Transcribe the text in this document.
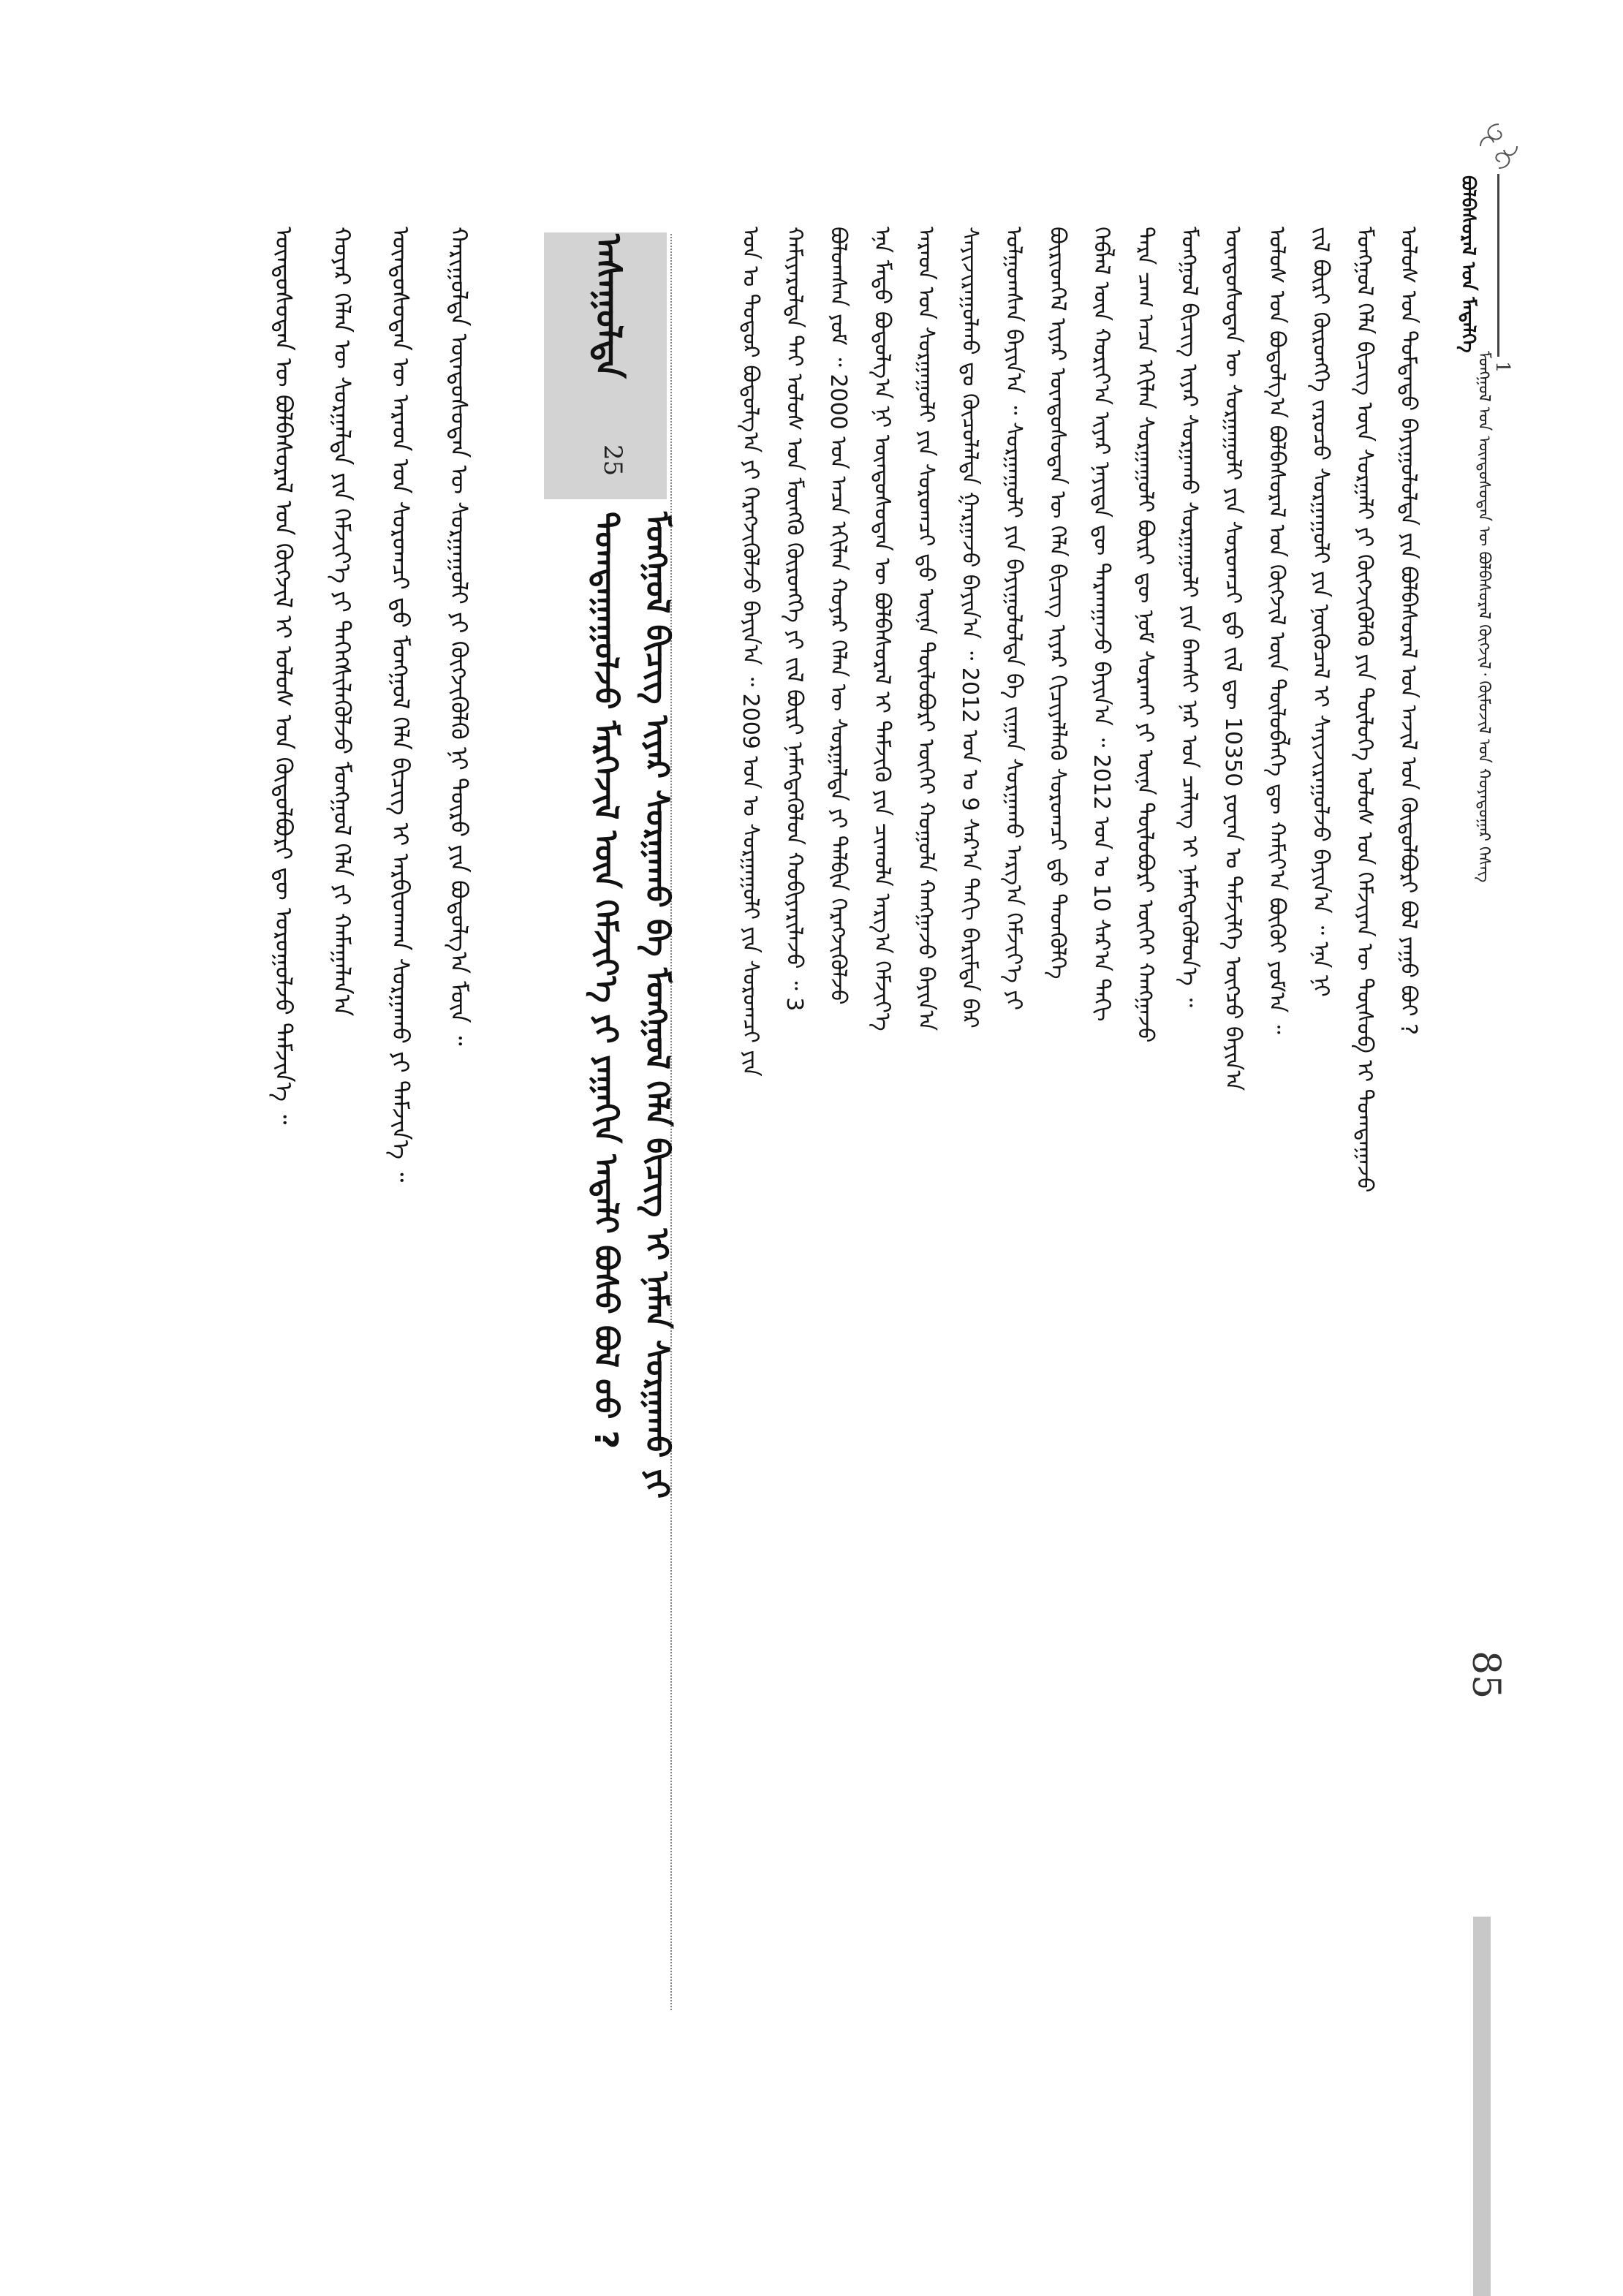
1
ᠮᠣᠩᠭᠣᠯ ᠤᠨ ᠦᠨᠳᠦᠰᠦᠲᠡᠨ ᠦ ᠪᠣᠯᠪᠠᠰᠤᠷᠠᠯ ᠬᠥᠭᠵᠢᠯ᠂ ᠬᠦᠮᠦᠵᠢᠯ ᠤᠨ ᠬᠣᠶᠠᠳᠤᠭᠠᠷ ᠬᠡᠰᠡᠭ
ᠪᠣᠯᠪᠠᠰᠤᠷᠠᠯ ᠤᠨ ᠮᠡᠳᠡᠯᠭᠡ
ᠤᠯᠤᠰ ᠤᠨ ᠳᠤᠮᠳᠠᠳᠤ ᠪᠠᠶᠢᠭᠤᠯᠤᠯᠲᠠ ᠶᠢᠨ ᠪᠣᠯᠪᠠᠰᠤᠷᠠᠯ ᠤᠨ ᠠᠵᠢᠯ ᠤᠨ ᠬᠥᠲᠦᠯᠪᠦᠷᠢ ᠪᠣᠯ ᠶᠠᠭᠤ ᠪᠣᠢ ?
ᠮᠣᠩᠭᠣᠯ ᠬᠡᠯᠡ ᠪᠢᠴᠢᠭ ᠦᠨ ᠰᠤᠷᠭᠠᠯᠢ ᠶᠢ ᠬᠥᠭᠵᠢᠭᠦᠯᠬᠦ ᠶᠢᠨ ᠲᠥᠯᠦᠭᠡ ᠤᠯᠤᠰ ᠤᠨ ᠬᠡᠮᠵᠢᠶᠡᠨ ᠦ ᠲᠥᠰᠦᠪ ᠢ ᠲᠣᠭᠲᠠᠭᠠᠵᠤ
ᠵᠢᠯ ᠪᠦᠷᠢ ᠬᠥᠷᠥᠩᠭᠡ ᠵᠠᠷᠤᠴᠤ ᠰᠤᠷᠭᠠᠭᠤᠯᠢ ᠶᠢᠨ ᠨᠥᠬᠥᠴᠡᠯ ᠢ ᠰᠠᠶᠢᠵᠢᠷᠠᠭᠤᠯᠵᠤ ᠪᠠᠶᠢᠨ᠎ᠠ ᠃ ᠡᠨᠡ ᠨᠢ
ᠤᠯᠤᠰ ᠤᠨ ᠪᠣᠳᠤᠯᠭ᠎ᠠ ᠪᠣᠯᠪᠠᠰᠤᠷᠠᠯ ᠤᠨ ᠬᠥᠭᠵᠢᠯ ᠦᠨ ᠲᠥᠯᠥᠪᠯᠡᠭᠡ ᠳᠦ ᠬᠠᠮᠢᠶ᠎ᠠ ᠪᠦᠬᠦᠢ ᠶᠤᠮ᠎ᠠ ᠃
ᠦᠨᠳᠦᠰᠦᠲᠡᠨ ᠦ ᠰᠤᠷᠭᠠᠭᠤᠯᠢ ᠶᠢᠨ ᠰᠤᠷᠤᠭᠴᠢ ᠳ᠋ᠤ ᠵᠢᠯ ᠳᠦ 10350 ᠶᠤᠸᠠᠨ ᠤ ᠳᠡᠮᠵᠢᠯᠭᠡ ᠥᠭᠴᠦ ᠪᠠᠶᠢᠨ᠎ᠠ
ᠮᠣᠩᠭᠣᠯ ᠪᠢᠴᠢᠭ ᠢᠶᠡᠷ ᠰᠤᠷᠭᠠᠬᠤ ᠰᠤᠷᠭᠠᠭᠤᠯᠢ ᠶᠢᠨ ᠪᠠᠭᠰᠢ ᠨᠠᠷ ᠤᠨ ᠴᠠᠯᠢᠩ ᠢ ᠨᠡᠮᠡᠭᠳᠡᠭᠦᠯᠦᠨ᠎ᠡ ᠃
ᠲᠡᠷᠡ ᠴᠠᠭ ᠠᠴᠠ ᠡᠬᠢᠯᠡᠨ ᠰᠤᠷᠭᠠᠭᠤᠯᠢ ᠪᠦᠷᠢ ᠳᠦ ᠨᠤᠮ ᠰᠤᠷᠬᠠᠢ ᠶᠢ ᠦᠨᠡ ᠲᠥᠯᠦᠪᠦᠷᠢ ᠦᠭᠡᠢ ᠬᠠᠩᠭᠠᠵᠤ
ᠬᠡᠪᠯᠡᠯ ᠦᠨ ᠬᠣᠷᠢᠶ᠎ᠠ ᠢᠶᠡᠷ ᠨᠡᠶᠢᠲᠡ ᠳᠦ ᠲᠠᠷᠬᠠᠭᠠᠵᠤ ᠪᠠᠶᠢᠨ᠎ᠠ ᠃ 2012 ᠣᠨ ᠤ 10 ᠰᠠᠷ᠎ᠠ ᠳᠠᠬᠢ
ᠪᠦᠷᠢᠳᠭᠡᠯ ᠢᠶᠡᠷ ᠦᠨᠳᠦᠰᠦᠲᠡᠨ ᠦ ᠬᠡᠯᠡ ᠪᠢᠴᠢᠭ ᠢᠶᠡᠷ ᠬᠢᠴᠢᠶᠡᠯᠯᠡᠬᠦ ᠰᠤᠷᠤᠭᠴᠢ ᠳ᠋ᠤ ᠲᠡᠳᠬᠦᠯᠭᠡ
ᠣᠯᠭᠣᠭᠰᠠᠨ ᠪᠠᠶᠢᠨ᠎ᠠ ᠃ ᠰᠤᠷᠭᠠᠭᠤᠯᠢ ᠶᠢᠨ ᠪᠠᠶᠢᠭᠤᠯᠤᠯᠲᠠ ᠪᠠ ᠵᠢᠭᠠᠨ ᠰᠤᠷᠭᠠᠬᠤ ᠠᠷᠭ᠎ᠠ ᠬᠡᠮᠵᠢᠶ᠎ᠡ ᠶᠢ
ᠰᠠᠶᠢᠵᠢᠷᠠᠭᠤᠯᠬᠤ ᠳᠤ ᠬᠦᠴᠦᠯᠡᠯᠲᠡ ᠭᠠᠷᠭᠠᠵᠤ ᠪᠠᠶᠢᠨ᠎ᠠ ᠃ 2012 ᠣᠨ ᠤ 9 ᠰᠠᠷ᠎ᠠ ᠳᠠᠬᠢ ᠪᠠᠷᠢᠮᠲᠠ ᠪᠡᠷ
ᠠᠷᠠᠳ ᠤᠨ ᠰᠤᠷᠭᠠᠭᠤᠯᠢ ᠶᠢᠨ ᠰᠤᠷᠤᠭᠴᠢ ᠳ᠋ᠤ ᠦᠨᠡ ᠲᠥᠯᠦᠪᠦᠷᠢ ᠦᠭᠡᠢ ᠬᠣᠭᠣᠯᠠ ᠬᠠᠩᠭᠠᠵᠤ ᠪᠠᠶᠢᠨ᠎ᠠ
ᠡᠨᠡ ᠮᠡᠲᠦ ᠪᠣᠳᠤᠯᠭ᠎ᠠ ᠨᠢ ᠦᠨᠳᠦᠰᠦᠲᠡᠨ ᠦ ᠪᠣᠯᠪᠠᠰᠤᠷᠠᠯ ᠢ ᠳᠡᠮᠵᠢᠬᠦ ᠶᠢᠨ ᠴᠢᠬᠤᠯᠠ ᠠᠷᠭ᠎ᠠ ᠬᠡᠮᠵᠢᠶ᠎ᠡ
ᠪᠣᠯᠤᠭᠰᠠᠨ ᠶᠤᠮ ᠃ 2000 ᠣᠨ ᠠᠴᠠ ᠡᠬᠢᠯᠡᠨ ᠬᠣᠶᠠᠷ ᠬᠡᠯᠡᠨ ᠦ ᠰᠤᠷᠭᠠᠯᠲᠠ ᠶᠢ ᠲᠠᠯᠪᠢᠨ ᠬᠡᠷᠡᠭᠵᠢᠭᠦᠯᠵᠦ
ᠬᠠᠮᠢᠶᠠᠷᠤᠯᠲᠠ ᠲᠠᠢ ᠤᠯᠤᠰ ᠤᠨ ᠮᠦᠩᠭᠦ ᠬᠥᠷᠥᠩᠭᠡ ᠶᠢ ᠵᠢᠯ ᠪᠦᠷᠢ ᠨᠡᠮᠡᠭᠳᠡᠭᠦᠯᠦᠨ ᠬᠤᠪᠢᠶᠠᠷᠢᠯᠠᠵᠤ ᠃ 3
ᠣᠨ ᠤ ᠳᠤᠳᠤᠷ ᠪᠣᠳᠤᠯᠭ᠎ᠠ ᠶᠢ ᠬᠡᠷᠡᠭᠵᠢᠭᠦᠯᠵᠦ ᠪᠠᠶᠢᠨ᠎ᠠ ᠃ 2009 ᠣᠨ ᠤ ᠰᠤᠷᠭᠠᠭᠤᠯᠢ ᠶᠢᠨ ᠰᠤᠷᠤᠭᠴᠢ ᠶᠢᠨ
ᠠᠰᠠᠭᠤᠯᠲᠠ
25
ᠮᠣᠩᠭᠣᠯ ᠪᠢᠴᠢᠭ ᠢᠶᠡᠷ ᠰᠤᠷᠭᠠᠬᠤ ᠪᠠ ᠮᠣᠩᠭᠣᠯ ᠬᠡᠯᠡ ᠪᠢᠴᠢᠭ ᠢ ᠨᠡᠮᠡᠨ ᠰᠤᠷᠭᠠᠬᠤ ᠶᠢ
ᠲᠣᠭᠲᠠᠭᠠᠭᠤᠯᠵᠤ ᠮᠡᠷᠭᠡᠵᠢᠯ ᠦᠨ ᠬᠡᠮᠵᠢᠶ᠎ᠡ ᠶᠢ ᠶᠠᠭᠠᠬᠢᠨ ᠠᠳᠠᠯᠢ ᠪᠤᠰᠤ ᠪᠣᠯ ᠤᠤ ?
ᠬᠠᠷᠢᠭᠤᠯᠲᠠ ᠦᠨᠳᠦᠰᠦᠲᠡᠨ ᠦ ᠰᠤᠷᠭᠠᠭᠤᠯᠢ ᠶᠢ ᠬᠥᠭᠵᠢᠭᠦᠯᠬᠦ ᠨᠢ ᠲᠥᠷᠥ ᠶᠢᠨ ᠪᠣᠳᠤᠯᠭ᠎ᠠ ᠮᠥᠨ ᠃
ᠦᠨᠳᠦᠰᠦᠲᠡᠨ ᠦ ᠠᠷᠠᠳ ᠤᠨ ᠰᠤᠷᠤᠭᠴᠢ ᠳ᠋ᠤ ᠮᠣᠩᠭᠣᠯ ᠬᠡᠯᠡ ᠪᠢᠴᠢᠭ ᠢ ᠠᠷᠪᠢᠳᠬᠠᠨ ᠰᠤᠷᠭᠠᠬᠤ ᠶᠢ ᠳᠡᠮᠵᠢᠨ᠎ᠡ ᠃
ᠬᠣᠶᠠᠷ ᠬᠡᠯᠡᠨ ᠦ ᠰᠤᠷᠭᠠᠯᠲᠠ ᠶᠢᠨ ᠬᠡᠮᠵᠢᠶ᠎ᠡ ᠶᠢ ᠳᠡᠭᠡᠭᠰᠢᠯᠡᠭᠦᠯᠵᠦ ᠮᠣᠩᠭᠣᠯ ᠬᠡᠯᠡ ᠶᠢ ᠬᠠᠮᠠᠭᠠᠯᠠᠨ᠎ᠠ
ᠦᠨᠳᠦᠰᠦᠲᠡᠨ ᠦ ᠪᠣᠯᠪᠠᠰᠤᠷᠠᠯ ᠤᠨ ᠬᠥᠭᠵᠢᠯ ᠢ ᠤᠯᠤᠰ ᠤᠨ ᠬᠥᠲᠦᠯᠪᠦᠷᠢ ᠳᠦ ᠣᠷᠣᠭᠤᠯᠵᠤ ᠳᠡᠮᠵᠢᠨ᠎ᠡ ᠃
85
